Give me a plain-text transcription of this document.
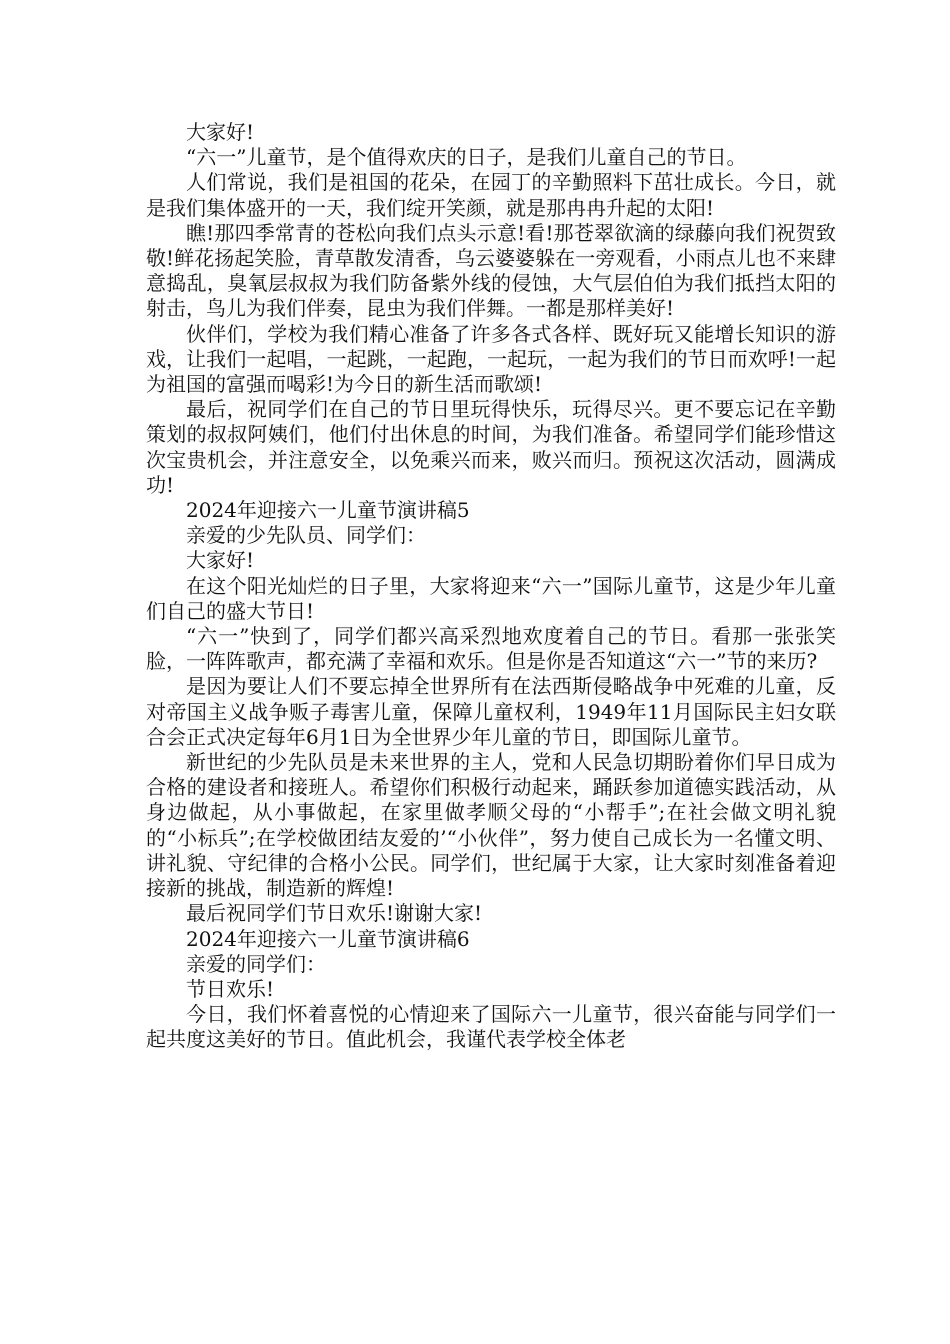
大家好!

“六一”儿童节，是个值得欢庆的日子，是我们儿童自己的节日。

人们常说，我们是祖国的花朵，在园丁的辛勤照料下茁壮成长。今日，就是我们集体盛开的一天，我们绽开笑颜，就是那冉冉升起的太阳!

瞧!那四季常青的苍松向我们点头示意!看!那苍翠欲滴的绿藤向我们祝贺致敬!鲜花扬起笑脸，青草散发清香，乌云婆婆躲在一旁观看，小雨点儿也不来肆意捣乱，臭氧层叔叔为我们防备紫外线的侵蚀，大气层伯伯为我们抵挡太阳的射击，鸟儿为我们伴奏，昆虫为我们伴舞。一都是那样美好!

伙伴们，学校为我们精心准备了许多各式各样、既好玩又能增长知识的游戏，让我们一起唱，一起跳，一起跑，一起玩，一起为我们的节日而欢呼!一起为祖国的富强而喝彩!为今日的新生活而歌颂!

最后，祝同学们在自己的节日里玩得快乐，玩得尽兴。更不要忘记在辛勤策划的叔叔阿姨们，他们付出休息的时间，为我们准备。希望同学们能珍惜这次宝贵机会，并注意安全，以免乘兴而来，败兴而归。预祝这次活动，圆满成功!

2024年迎接六一儿童节演讲稿5

亲爱的少先队员、同学们：

大家好!

在这个阳光灿烂的日子里，大家将迎来“六一”国际儿童节，这是少年儿童们自己的盛大节日!

“六一”快到了，同学们都兴高采烈地欢度着自己的节日。看那一张张笑脸，一阵阵歌声，都充满了幸福和欢乐。但是你是否知道这“六一”节的来历?

是因为要让人们不要忘掉全世界所有在法西斯侵略战争中死难的儿童，反对帝国主义战争贩子毒害儿童，保障儿童权利，1949年11月国际民主妇女联合会正式决定每年6月1日为全世界少年儿童的节日，即国际儿童节。

新世纪的少先队员是未来世界的主人，党和人民急切期盼着你们早日成为合格的建设者和接班人。希望你们积极行动起来，踊跃参加道德实践活动，从身边做起，从小事做起，在家里做孝顺父母的“小帮手”;在社会做文明礼貌的“小标兵”;在学校做团结友爱的’“小伙伴”，努力使自己成长为一名懂文明、讲礼貌、守纪律的合格小公民。同学们，世纪属于大家，让大家时刻准备着迎接新的挑战，制造新的辉煌!

最后祝同学们节日欢乐!谢谢大家!

2024年迎接六一儿童节演讲稿6

亲爱的同学们：

节日欢乐!

今日，我们怀着喜悦的心情迎来了国际六一儿童节，很兴奋能与同学们一起共度这美好的节日。值此机会，我谨代表学校全体老
